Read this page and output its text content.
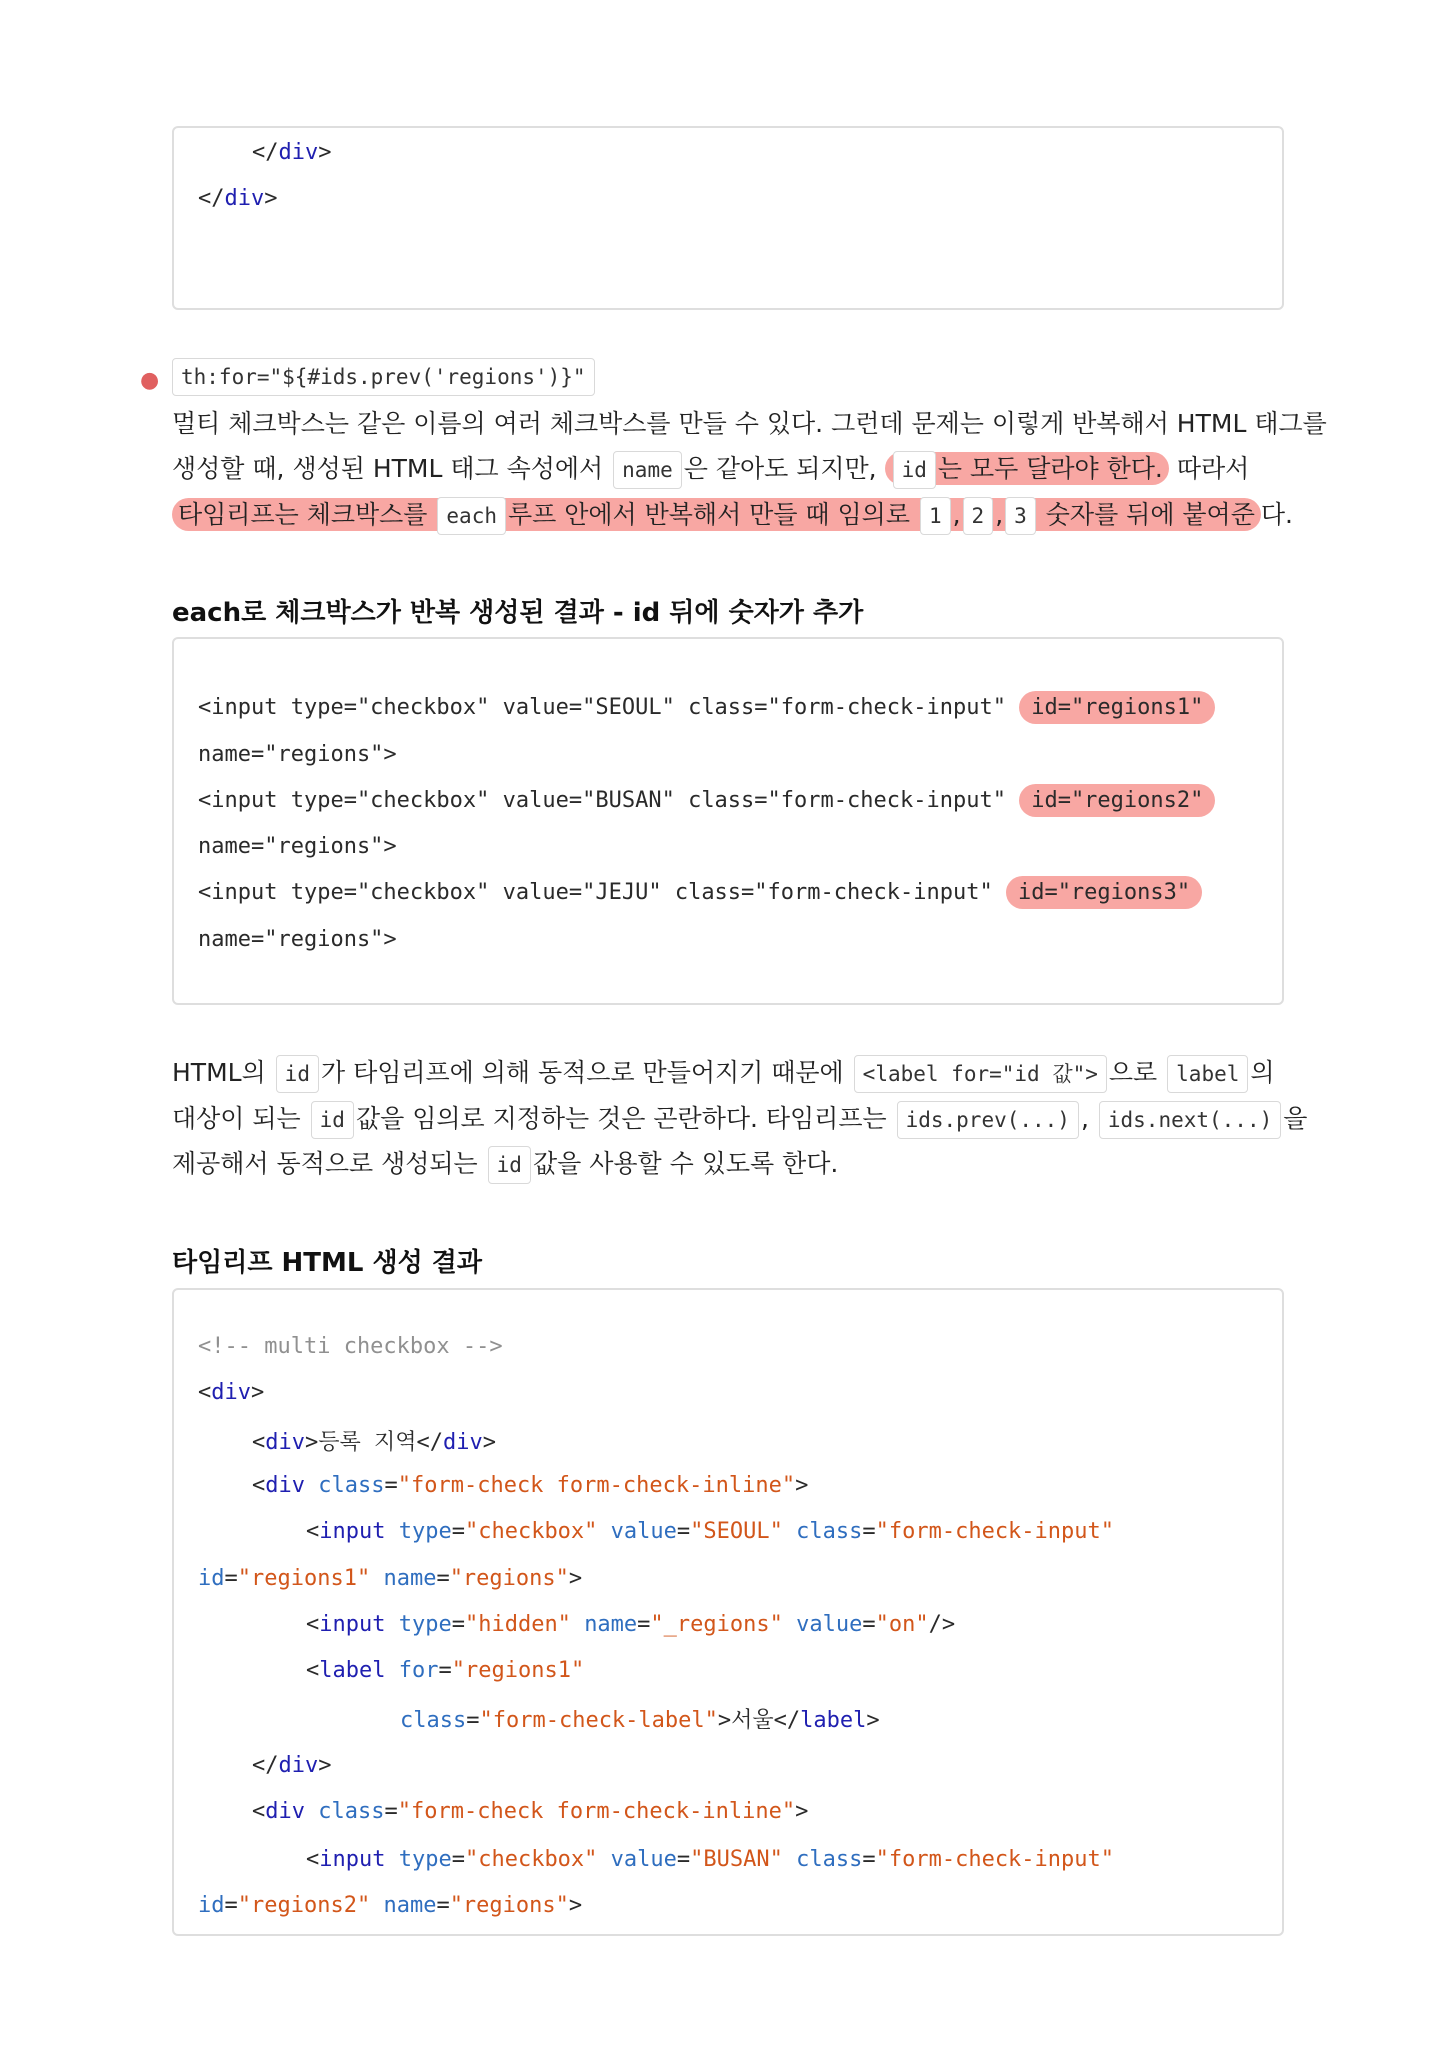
</div>
</div>
●	th:for="${#ids.prev('regions')}"
멀티 체크박스는 같은 이름의 여러 체크박스를 만들 수 있다. 그런데 문제는 이렇게 반복해서 HTML 태그를
생성할 때, 생성된 HTML 태그 속성에서 name 은 같아도 되지만, id 는 모두 달라야 한다. 따라서
타임리프는 체크박스를 each 루프 안에서 반복해서 만들 때 임의로 1 , 2 , 3 숫자를 뒤에 붙여준 다.
each로 체크박스가 반복 생성된 결과 - id 뒤에 숫자가 추가
<input type="checkbox" value="SEOUL" class="form-check-input" id="regions1"
name="regions">
<input type="checkbox" value="BUSAN" class="form-check-input" id="regions2"
name="regions">
<input type="checkbox" value="JEJU" class="form-check-input" id="regions3"
name="regions">
HTML의 id 가 타임리프에 의해 동적으로 만들어지기 때문에 <label for="id 값"> 으로 label 의
대상이 되는 id 값을 임의로 지정하는 것은 곤란하다. 타임리프는 ids.prev(...) , ids.next(...) 을
제공해서 동적으로 생성되는 id 값을 사용할 수 있도록 한다.
타임리프 HTML 생성 결과
<!-- multi checkbox -->
<div>
<div>등록 지역</div>
<div class="form-check form-check-inline">
<input type="checkbox" value="SEOUL" class="form-check-input"
id="regions1" name="regions">
<input type="hidden" name="_regions" value="on"/>
<label for="regions1"
class="form-check-label">서울</label>
</div>
<div class="form-check form-check-inline">
<input type="checkbox" value="BUSAN" class="form-check-input"
id="regions2" name="regions">
